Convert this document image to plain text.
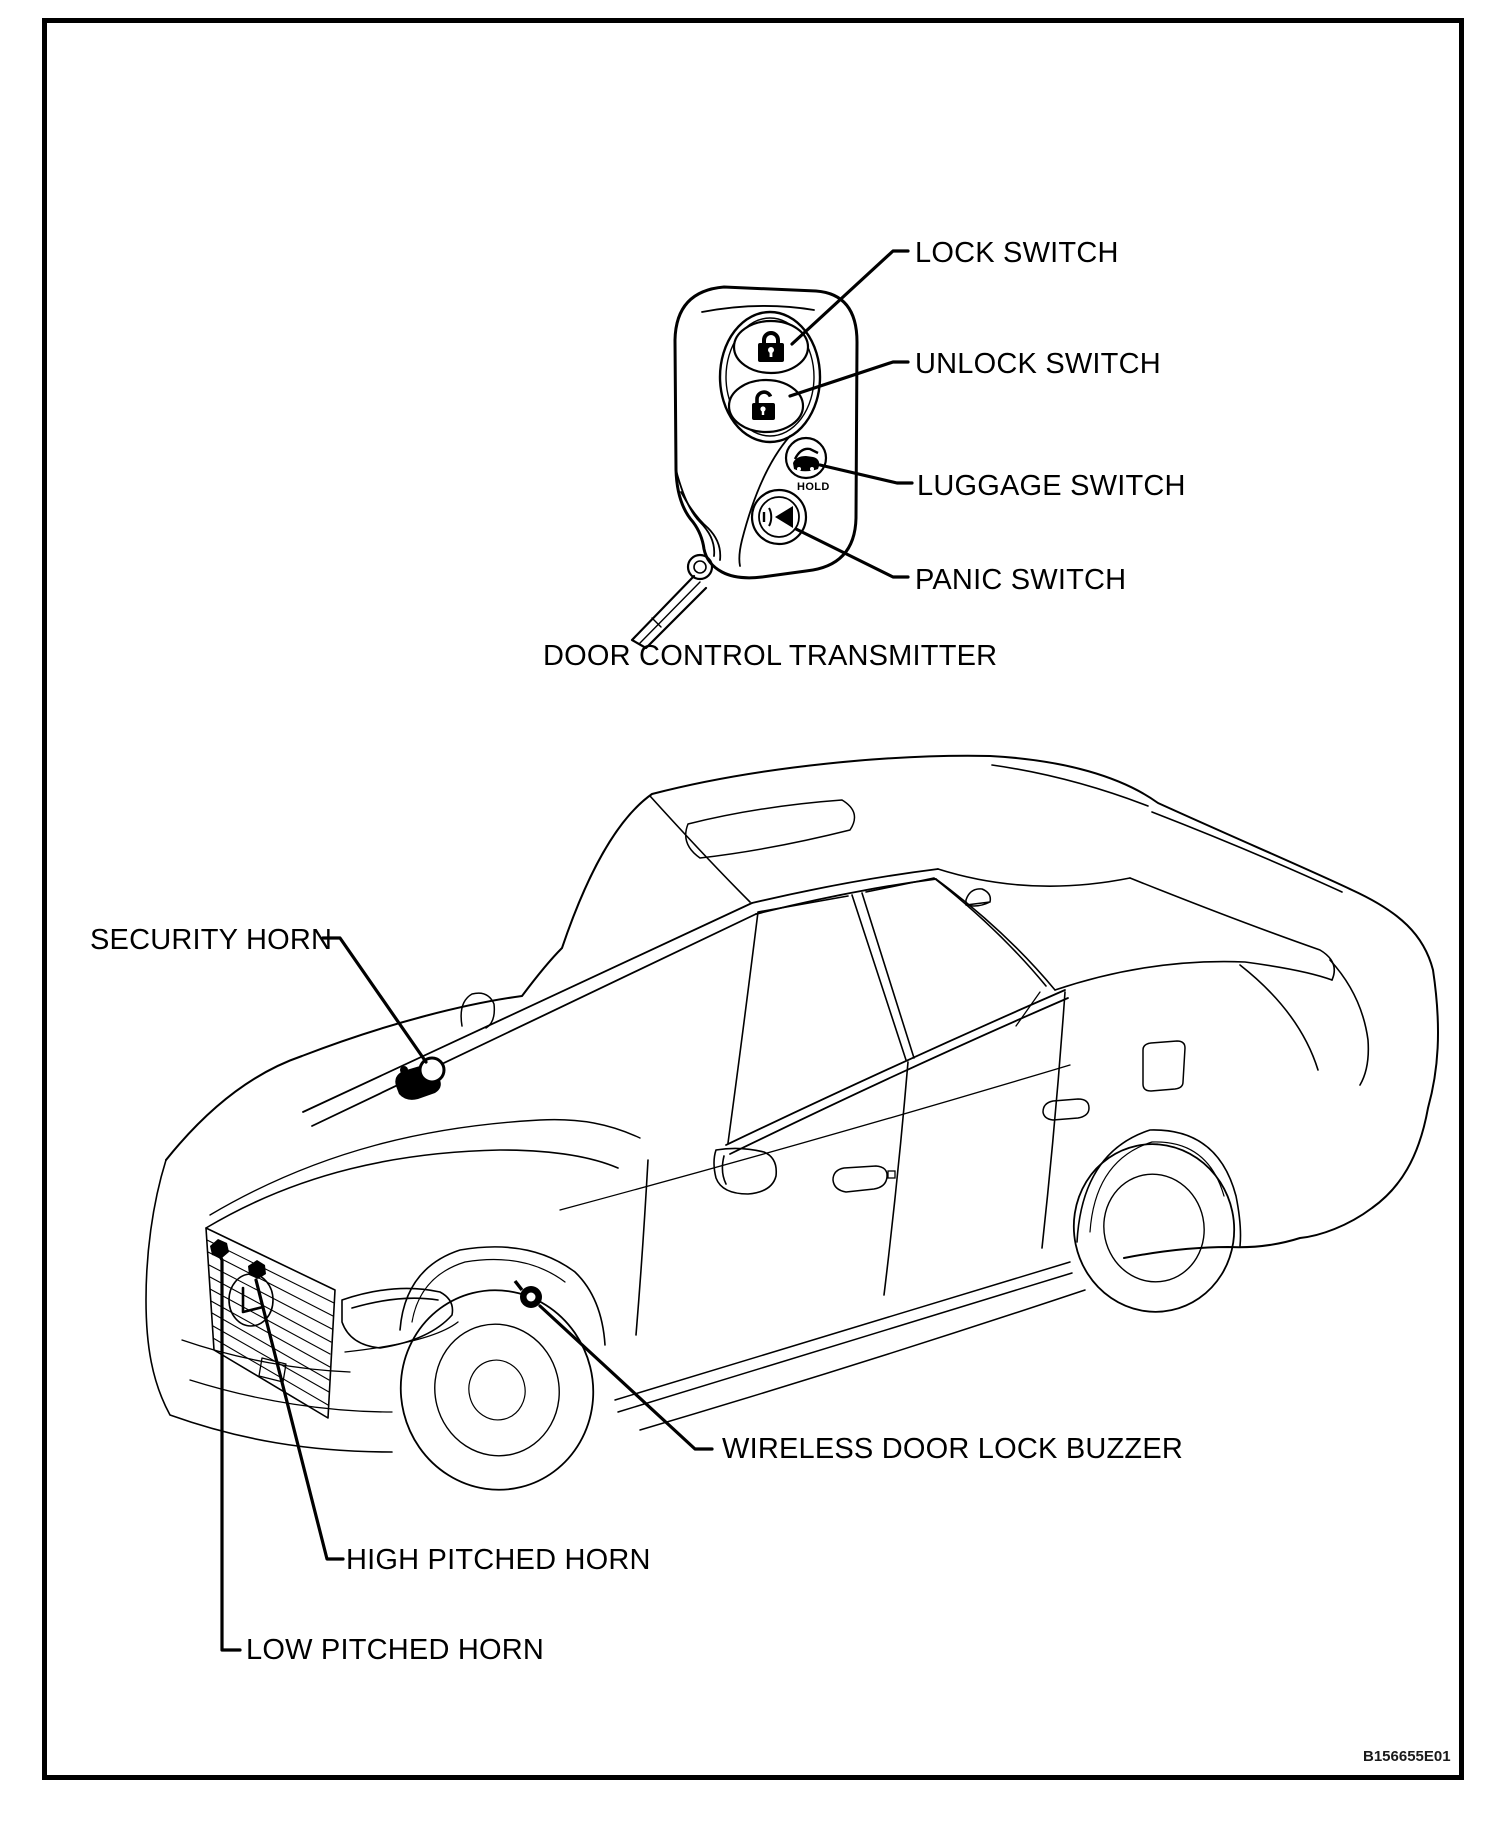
LOCK SWITCH
UNLOCK SWITCH
LUGGAGE SWITCH
PANIC SWITCH
HOLD
DOOR CONTROL TRANSMITTER
SECURITY HORN
WIRELESS DOOR LOCK BUZZER
HIGH PITCHED HORN
LOW PITCHED HORN
B156655E01
